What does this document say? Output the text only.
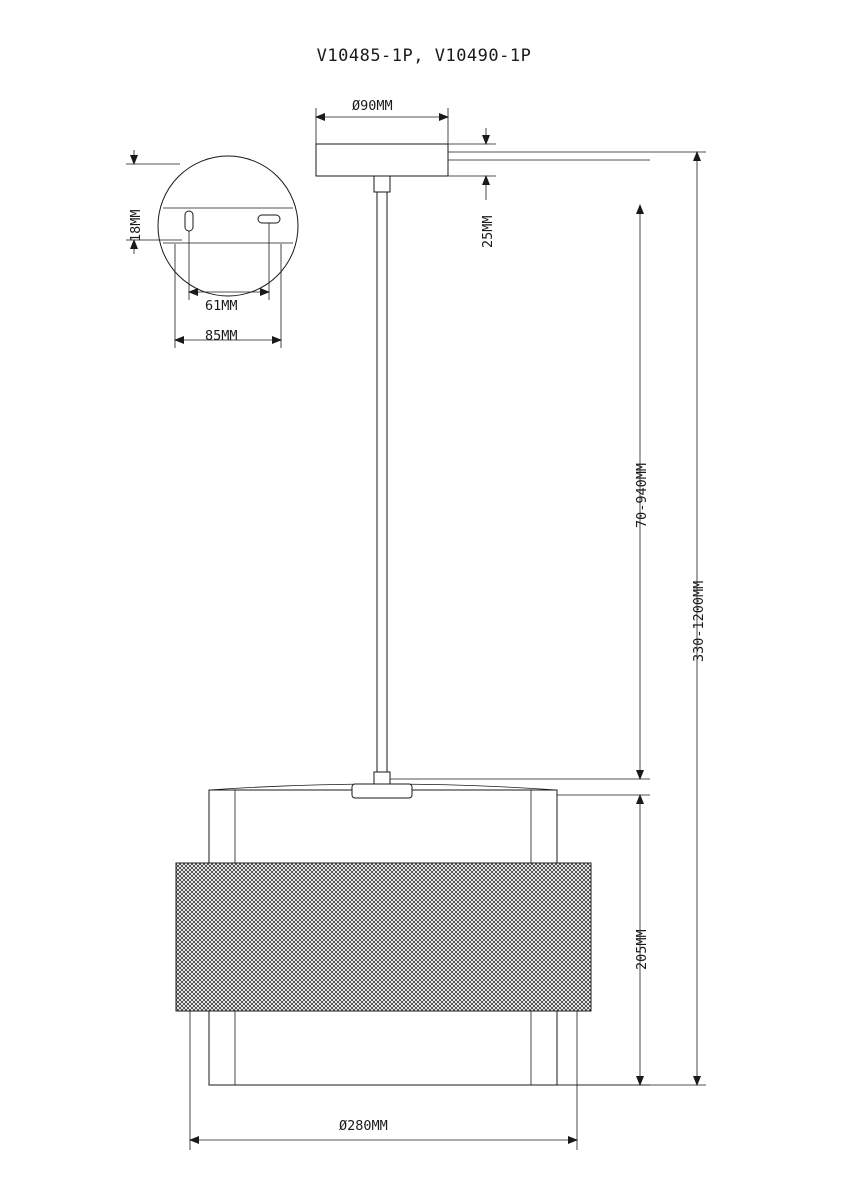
V10485-1P, V10490-1P
Ø90MM
25MM
18MM
61MM
85MM
70-940MM
330-1200MM
205MM
Ø280MM
